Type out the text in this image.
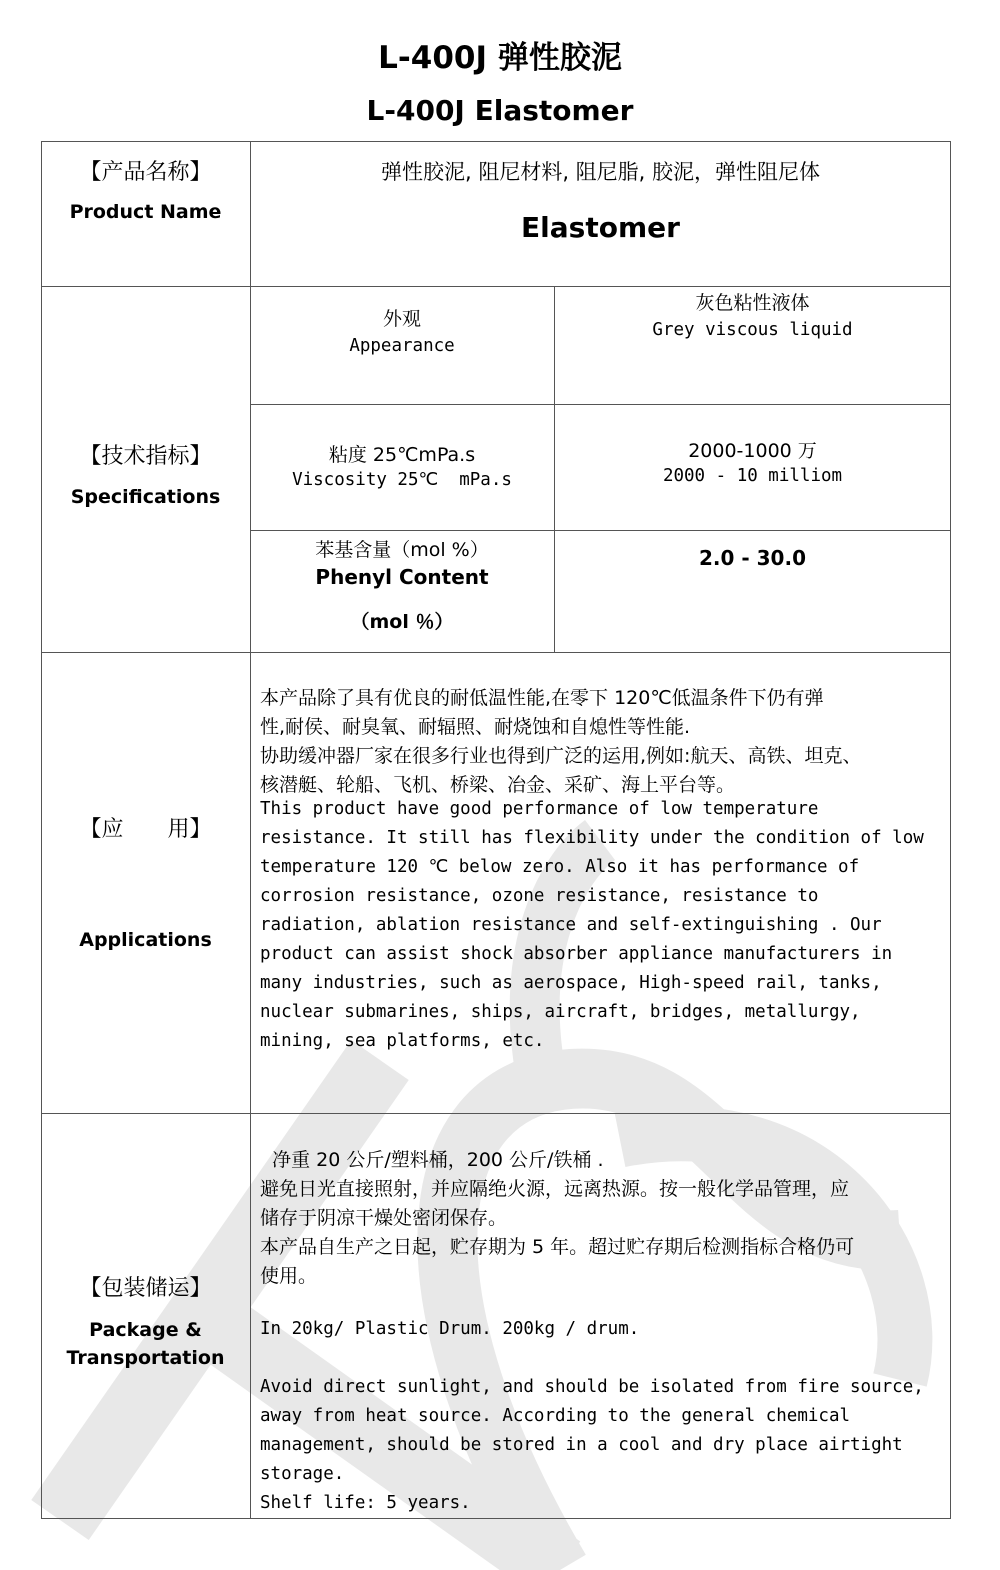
L-400J 弹性胶泥
L-400J Elastomer
【产品名称】
Product Name
弹性胶泥, 阻尼材料, 阻尼脂, 胶泥，弹性阻尼体
Elastomer
【技术指标】
Specifications
外观
Appearance
灰色粘性液体
Grey viscous liquid
粘度 25℃mPa.s
Viscosity 25℃  mPa.s
2000-1000 万
2000 - 10 milliom
苯基含量（mol %）
Phenyl Content
（mol ％）
2.0 - 30.0
【应　　用】
Applications
本产品除了具有优良的耐低温性能,在零下 120℃低温条件下仍有弹
性,耐侯、耐臭氧、耐辐照、耐烧蚀和自熄性等性能.
协助缓冲器厂家在很多行业也得到广泛的运用,例如:航天、高铁、坦克、
核潜艇、轮船、飞机、桥梁、冶金、采矿、海上平台等。
This product have good performance of low temperature
resistance. It still has flexibility under the condition of low
temperature 120 ℃ below zero. Also it has performance of
corrosion resistance, ozone resistance, resistance to
radiation, ablation resistance and self-extinguishing . Our
product can assist shock absorber appliance manufacturers in
many industries, such as aerospace, High-speed rail, tanks,
nuclear submarines, ships, aircraft, bridges, metallurgy,
mining, sea platforms, etc.
【包装储运】
Package &
Transportation
净重 20 公斤/塑料桶，200 公斤/铁桶 .
避免日光直接照射，并应隔绝火源，远离热源。按一般化学品管理，应
储存于阴凉干燥处密闭保存。
本产品自生产之日起，贮存期为 5 年。超过贮存期后检测指标合格仍可
使用。
In 20kg/ Plastic Drum. 200kg / drum.
Avoid direct sunlight, and should be isolated from fire source,
away from heat source. According to the general chemical
management, should be stored in a cool and dry place airtight
storage.
Shelf life: 5 years.
